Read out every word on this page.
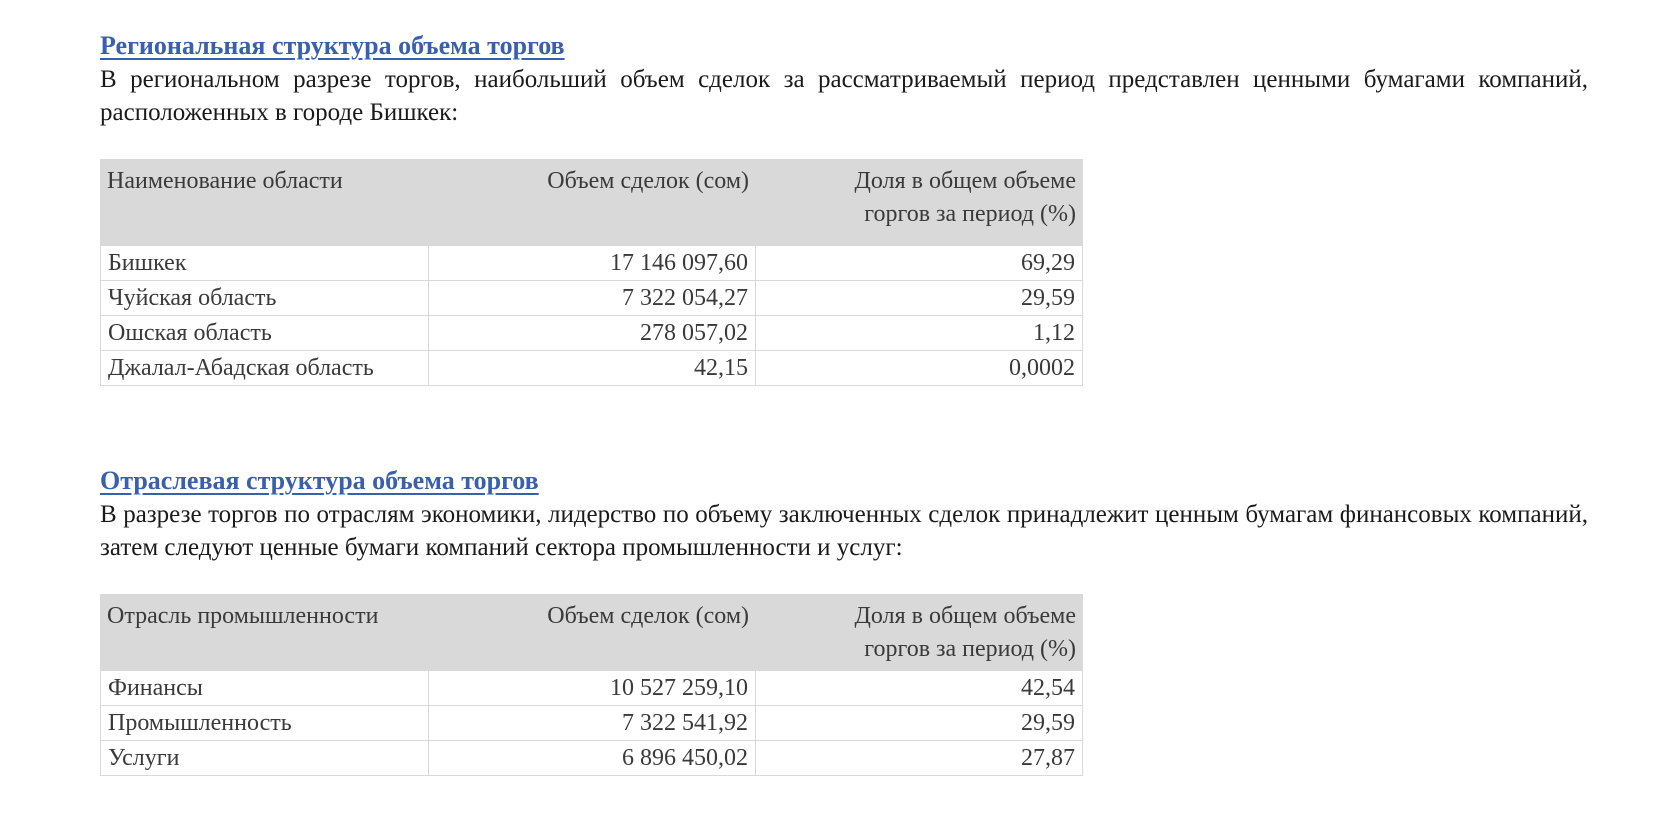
Региональная структура объема торгов

В региональном разрезе торгов, наибольший объем сделок за рассматриваемый период представлен ценными бумагами компаний, расположенных в городе Бишкек:

Наименование области	Объем сделок (сом)	Доля в общем объеме
горгов за период (%)
Бишкек	17 146 097,60	69,29
Чуйская область	7 322 054,27	29,59
Ошская область	278 057,02	1,12
Джалал-Абадская область	42,15	0,0002
Отраслевая структура объема торгов

В разрезе торгов по отраслям экономики, лидерство по объему заключенных сделок принадлежит ценным бумагам финансовых компаний, затем следуют ценные бумаги компаний сектора промышленности и услуг:

Отрасль промышленности	Объем сделок (сом)	Доля в общем объеме
горгов за период (%)
Финансы	10 527 259,10	42,54
Промышленность	7 322 541,92	29,59
Услуги	6 896 450,02	27,87
